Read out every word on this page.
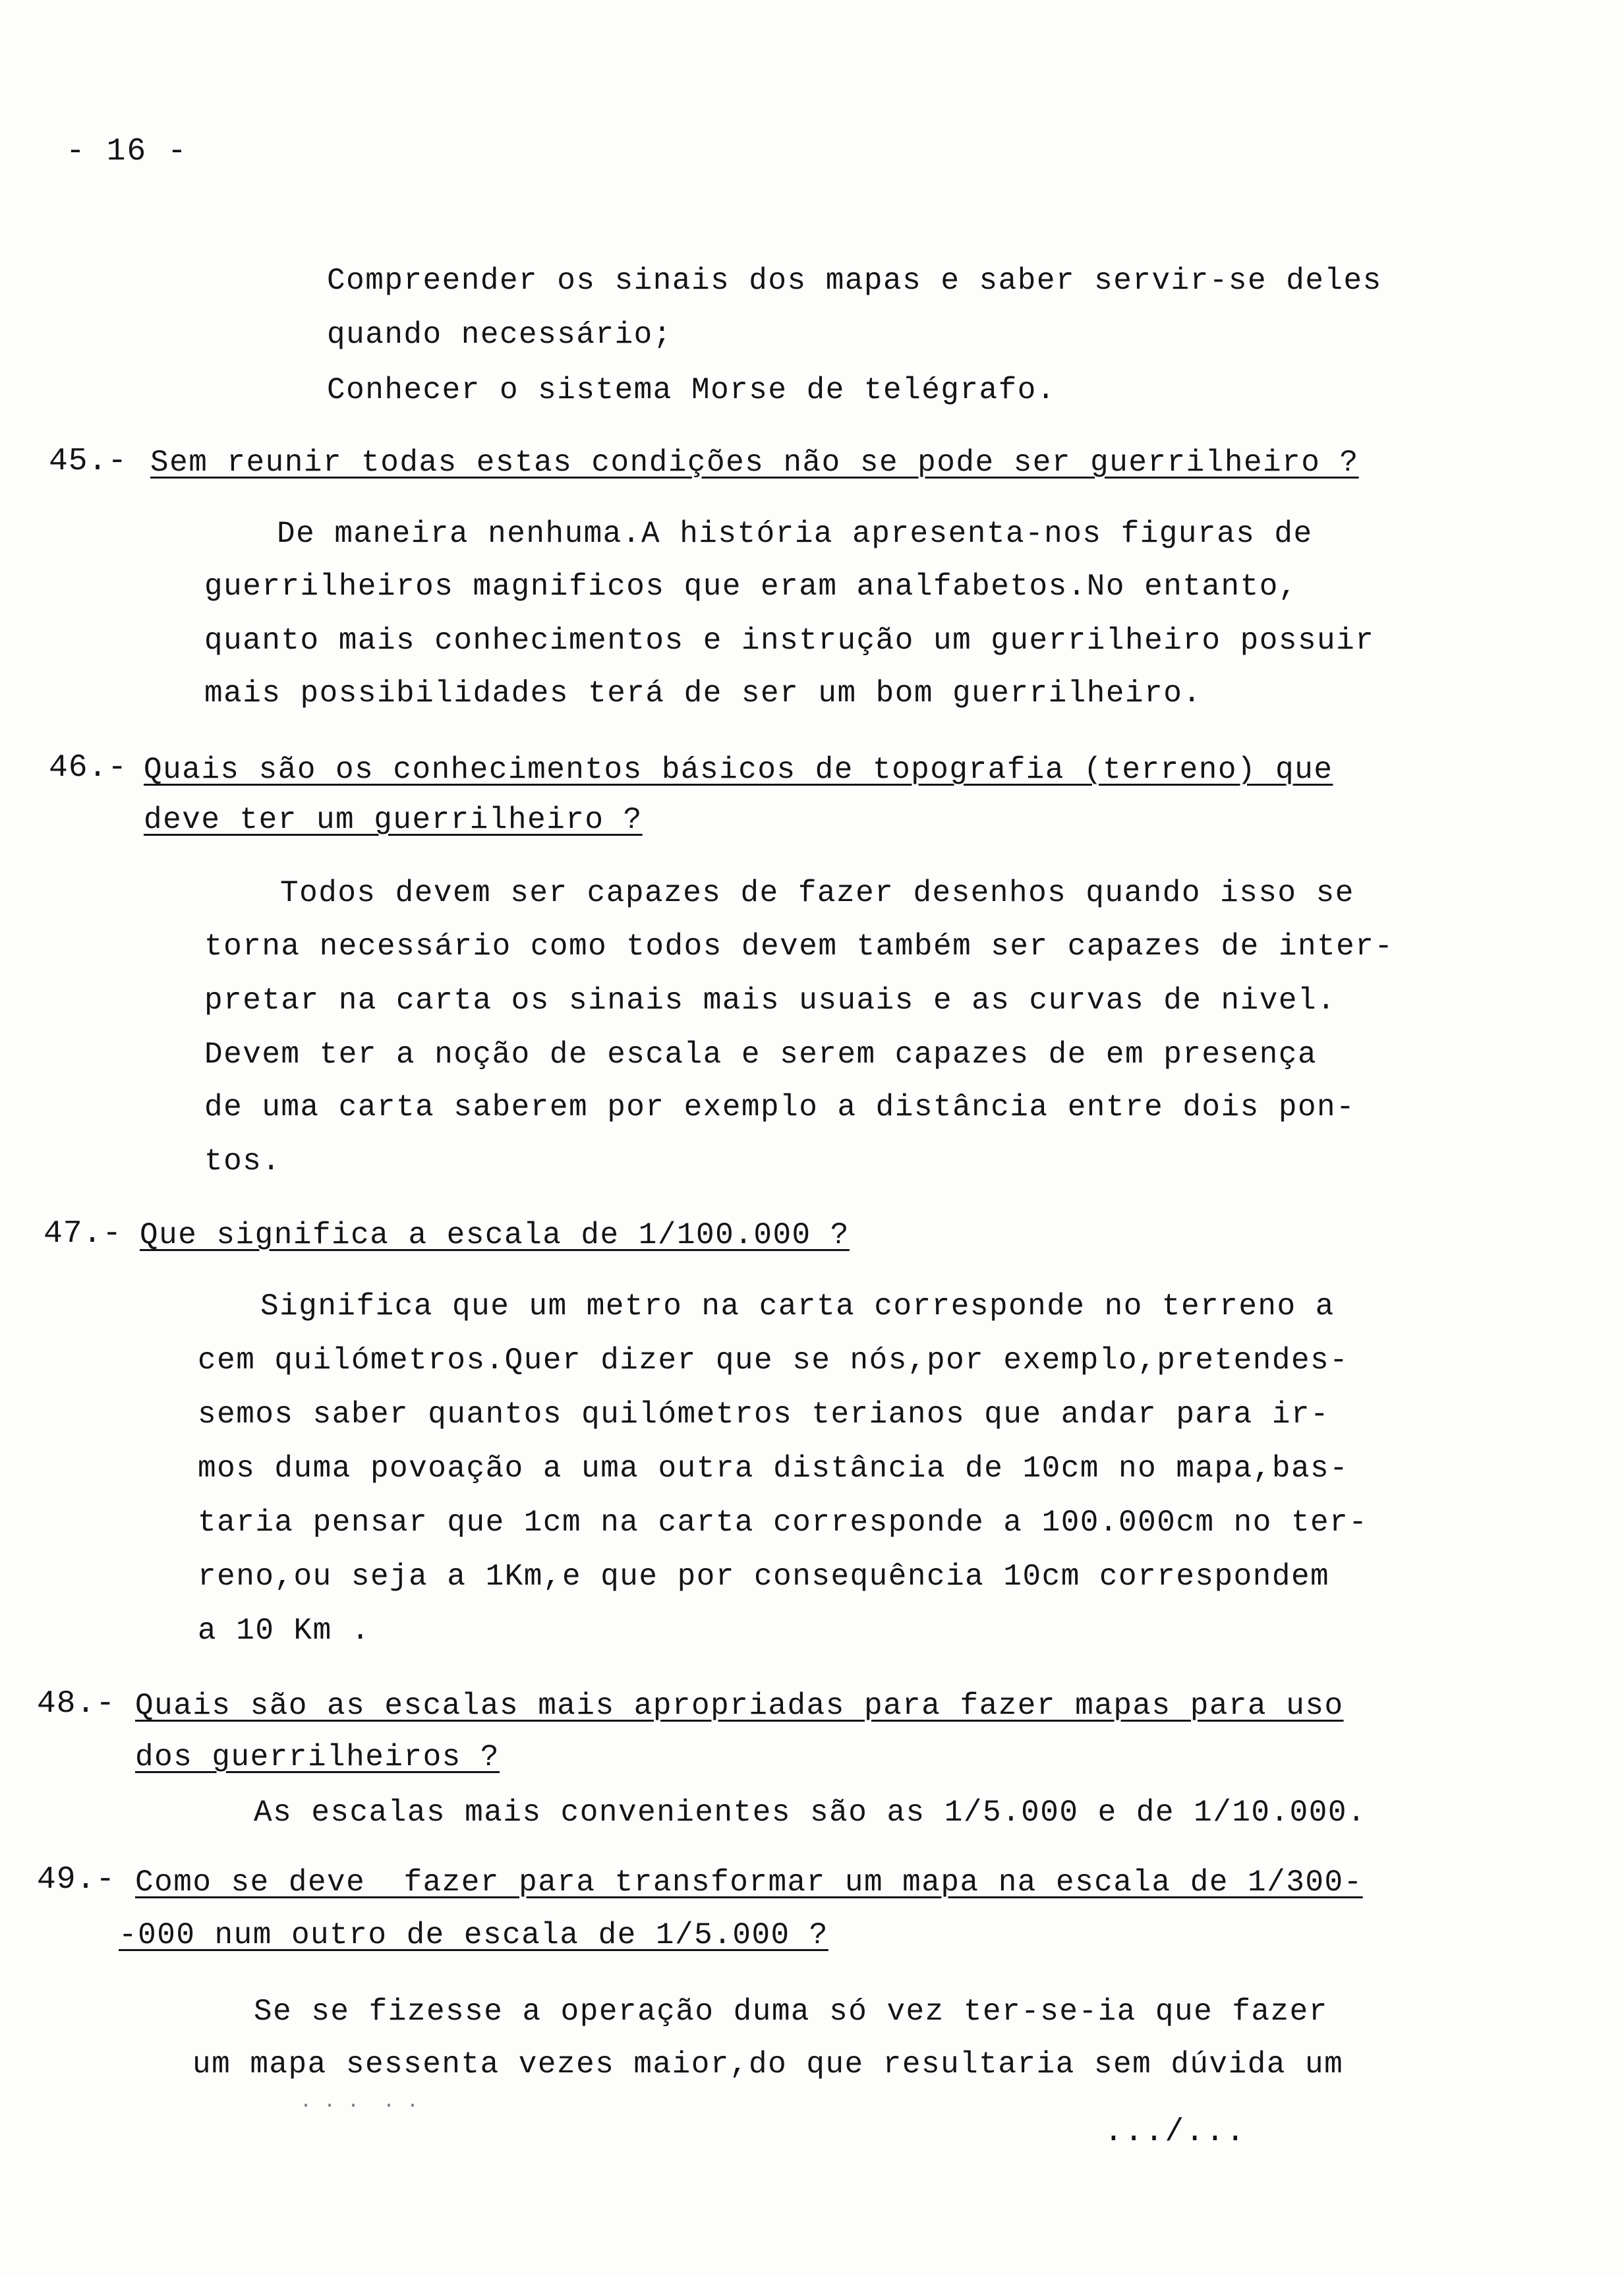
- 16 -
Compreender os sinais dos mapas e saber servir-se deles
quando necessário;
Conhecer o sistema Morse de telégrafo.
45.- Sem reunir todas estas condições não se pode ser guerrilheiro ?
De maneira nenhuma.A história apresenta-nos figuras de
guerrilheiros magnificos que eram analfabetos.No entanto,
quanto mais conhecimentos e instrução um guerrilheiro possuir
mais possibilidades terá de ser um bom guerrilheiro.
46.- Quais são os conhecimentos básicos de topografia (terreno) que
deve ter um guerrilheiro ?
Todos devem ser capazes de fazer desenhos quando isso se
torna necessário como todos devem também ser capazes de inter-
pretar na carta os sinais mais usuais e as curvas de nivel.
Devem ter a noção de escala e serem capazes de em presença
de uma carta saberem por exemplo a distância entre dois pon-
tos.
47.- Que significa a escala de 1/100.000 ?
Significa que um metro na carta corresponde no terreno a
cem quilómetros.Quer dizer que se nós,por exemplo,pretendes-
semos saber quantos quilómetros terianos que andar para ir-
mos duma povoação a uma outra distância de 10cm no mapa,bas-
taria pensar que 1cm na carta corresponde a 100.000cm no ter-
reno,ou seja a 1Km,e que por consequência 10cm correspondem
a 10 Km .
48.- Quais são as escalas mais apropriadas para fazer mapas para uso
dos guerrilheiros ?
As escalas mais convenientes são as 1/5.000 e de 1/10.000.
49.- Como se deve  fazer para transformar um mapa na escala de 1/300-
-000 num outro de escala de 1/5.000 ?
Se se fizesse a operação duma só vez ter-se-ia que fazer
um mapa sessenta vezes maior,do que resultaria sem dúvida um
· · ·  · ·
.../...
